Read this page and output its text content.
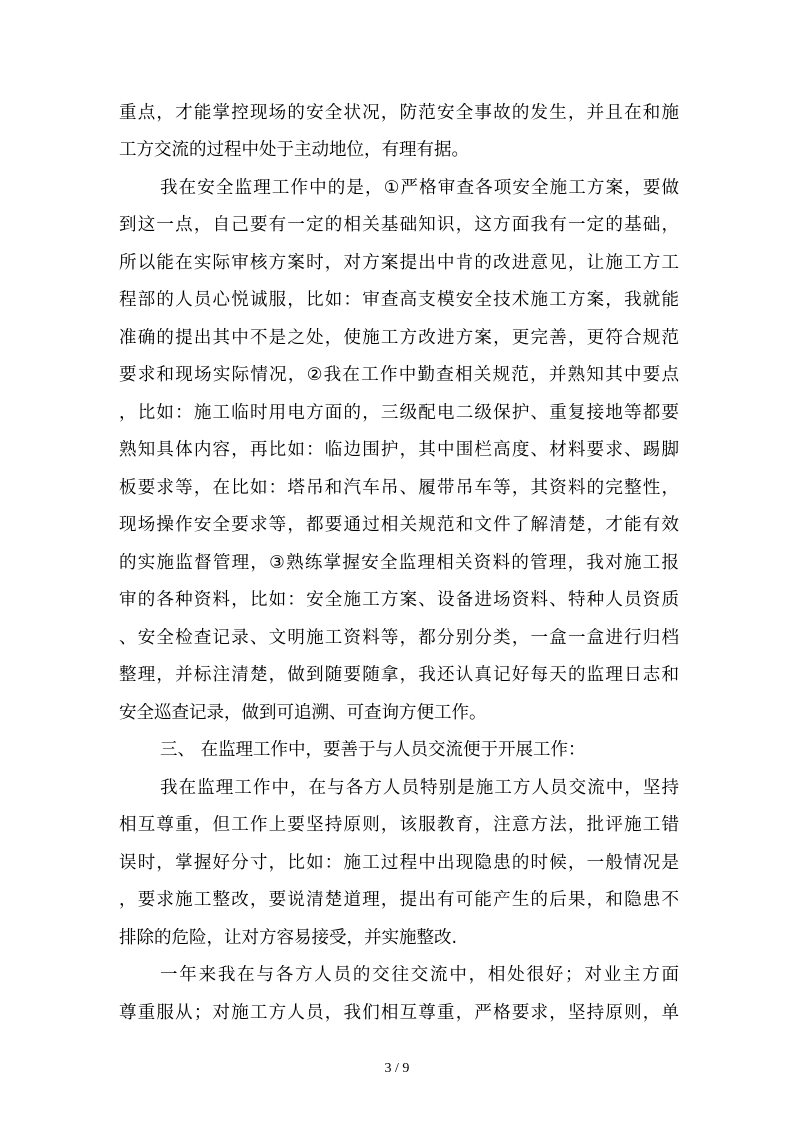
重点，才能掌控现场的安全状况，防范安全事故的发生，并且在和施
工方交流的过程中处于主动地位，有理有据。
我在安全监理工作中的是，①严格审查各项安全施工方案，要做
到这一点，自己要有一定的相关基础知识，这方面我有一定的基础，
所以能在实际审核方案时，对方案提出中肯的改进意见，让施工方工
程部的人员心悦诚服，比如：审查高支模安全技术施工方案，我就能
准确的提出其中不是之处，使施工方改进方案，更完善，更符合规范
要求和现场实际情况，②我在工作中勤查相关规范，并熟知其中要点
，比如：施工临时用电方面的，三级配电二级保护、重复接地等都要
熟知具体内容，再比如：临边围护，其中围栏高度、材料要求、踢脚
板要求等，在比如：塔吊和汽车吊、履带吊车等，其资料的完整性，
现场操作安全要求等，都要通过相关规范和文件了解清楚，才能有效
的实施监督管理，③熟练掌握安全监理相关资料的管理，我对施工报
审的各种资料，比如：安全施工方案、设备进场资料、特种人员资质
、安全检查记录、文明施工资料等，都分别分类，一盒一盒进行归档
整理，并标注清楚，做到随要随拿，我还认真记好每天的监理日志和
安全巡查记录，做到可追溯、可查询方便工作。
三、 在监理工作中，要善于与人员交流便于开展工作：
我在监理工作中，在与各方人员特别是施工方人员交流中，坚持
相互尊重，但工作上要坚持原则，该服教育，注意方法，批评施工错
误时，掌握好分寸，比如：施工过程中出现隐患的时候，一般情况是
，要求施工整改，要说清楚道理，提出有可能产生的后果，和隐患不
排除的危险，让对方容易接受，并实施整改.
一年来我在与各方人员的交往交流中，相处很好；对业主方面
尊重服从；对施工方人员，我们相互尊重，严格要求，坚持原则，单
3 / 9
